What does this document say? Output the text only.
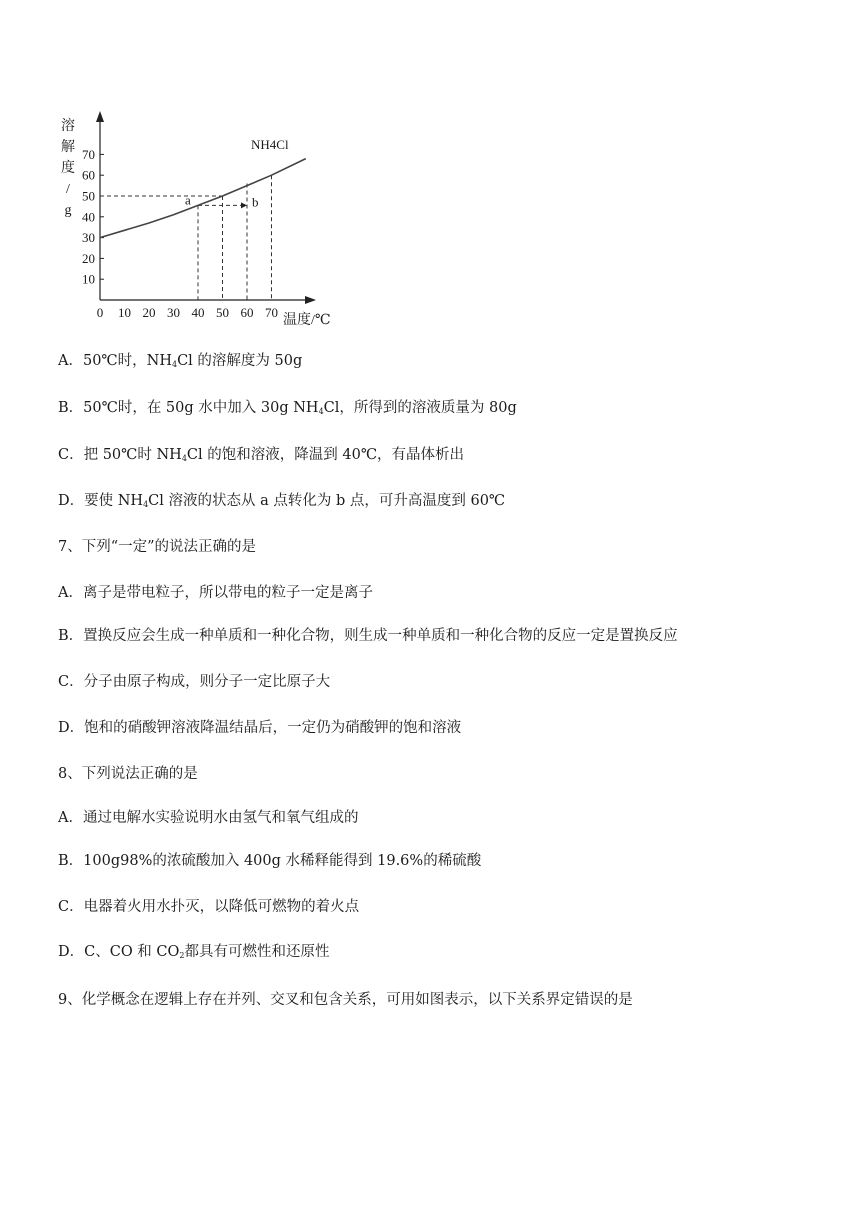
溶
解
度
/
g
10
20
30
40
50
60
70
0 10 20 30 40 50 60 70
温度/℃
NH4Cl
a	b
A．50℃时，$NH_4Cl$ 的溶解度为 50g
B．50℃时，在 50g 水中加入 30g $NH_4Cl$，所得到的溶液质量为 80g
C．把 50℃时 $NH_4Cl$ 的饱和溶液，降温到 40℃，有晶体析出
D．要使 $NH_4Cl$ 溶液的状态从 a 点转化为 b 点，可升高温度到 60℃
7、下列“一定”的说法正确的是
A．离子是带电粒子，所以带电的粒子一定是离子
B．置换反应会生成一种单质和一种化合物，则生成一种单质和一种化合物的反应一定是置换反应
C．分子由原子构成，则分子一定比原子大
D．饱和的硝酸钾溶液降温结晶后，一定仍为硝酸钾的饱和溶液
8、下列说法正确的是
A．通过电解水实验说明水由氢气和氧气组成的
B．100g98%的浓硫酸加入 400g 水稀释能得到 19.6%的稀硫酸
C．电器着火用水扑灭，以降低可燃物的着火点
D．C、CO 和 $CO_2$都具有可燃性和还原性
9、化学概念在逻辑上存在并列、交叉和包含关系，可用如图表示，以下关系界定错误的是
